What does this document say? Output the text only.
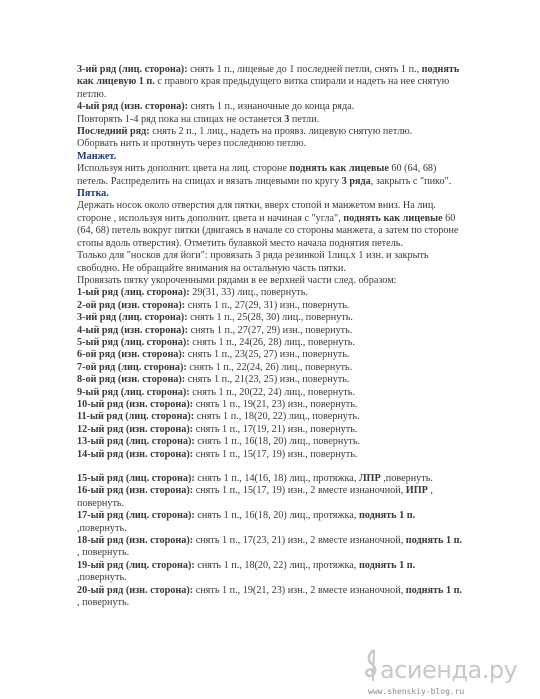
3-ий ряд (лиц. сторона): снять 1 п., лицевые до 1 последней петли, снять 1 п., поднять как лицевую 1 п. с правого края предыдущего витка спирали и надеть на нее снятую петлю.

4-ый ряд (изн. сторона): снять 1 п., изнаночные до конца ряда.

Повторять 1-4 ряд пока на спицах не останется 3 петли.

Последний ряд: снять 2 п., 1 лиц., надеть на проявз. лицевую снятую петлю.

Оборвать нить и протянуть через последнюю петлю.

Манжет.

Используя нить дополнит. цвета на лиц. стороне поднять как лицевые 60 (64, 68) петель. Распределить на спицах и вязать лицевыми по кругу 3 ряда, закрыть с "пико".

Пятка.

Держать носок около отверстия для пятки, вверх стопой и манжетом вниз. На лиц. стороне , используя нить дополнит. цвета и начиная с "угла", поднять как лицевые 60 (64, 68) петель вокруг пятки (двигаясь в начале со стороны манжета, а затем по стороне стопы вдоль отверстия). Отметить булавкой место начала поднятия петель.

Только для "носков для йоги": провязать 3 ряда резинкой 1лиц.х 1 изн. и закрыть свободно. Не обращайте внимания на остальную часть пятки.

Провязать пятку укороченными рядами в ее верхней части след. образом:

1-ый ряд (лиц. сторона): 29(31, 33) лиц., повернуть.

2-ой ряд (изн. сторона): снять 1 п., 27(29, 31) изн., повернуть.

3-ий ряд (лиц. сторона): снять 1 п., 25(28, 30) лиц., повернуть.

4-ый ряд (изн. сторона): снять 1 п., 27(27, 29) изн., повернуть.

5-ый ряд (лиц. сторона): снять 1 п., 24(26, 28) лиц., повернуть.

6-ой ряд (изн. сторона): снять 1 п., 23(25, 27) изн., повернуть.

7-ой ряд (лиц. сторона): снять 1 п., 22(24, 26) лиц., повернуть.

8-ой ряд (изн. сторона): снять 1 п., 21(23, 25) изн., повернуть.

9-ый ряд (лиц. сторона): снять 1 п., 20(22, 24) лиц., повернуть.

10-ый ряд (изн. сторона): снять 1 п., 19(21, 23) изн., повернуть.

11-ый ряд (лиц. сторона): снять 1 п., 18(20, 22) лиц., повернуть.

12-ый ряд (изн. сторона): снять 1 п., 17(19, 21) изн., повернуть.

13-ый ряд (лиц. сторона): снять 1 п., 16(18, 20) лиц., повернуть.

14-ый ряд (изн. сторона): снять 1 п., 15(17, 19) изн., повернуть.

15-ый ряд (лиц. сторона): снять 1 п., 14(16, 18) лиц., протяжка, ЛПР ,повернуть.

16-ый ряд (изн. сторона): снять 1 п., 15(17, 19) изн., 2 вместе изнаночной, ИПР , повернуть.

17-ый ряд (лиц. сторона): снять 1 п., 16(18, 20) лиц., протяжка, поднять 1 п. ,повернуть.

18-ый ряд (изн. сторона): снять 1 п., 17(23, 21) изн., 2 вместе изнаночной, поднять 1 п. , повернуть.

19-ый ряд (лиц. сторона): снять 1 п., 18(20, 22) лиц., протяжка, поднять 1 п. ,повернуть.

20-ый ряд (изн. сторона): снять 1 п., 19(21, 23) изн., 2 вместе изнаночной, поднять 1 п. , повернуть.

асиенда.ру
www.shenskiy-blog.ru
